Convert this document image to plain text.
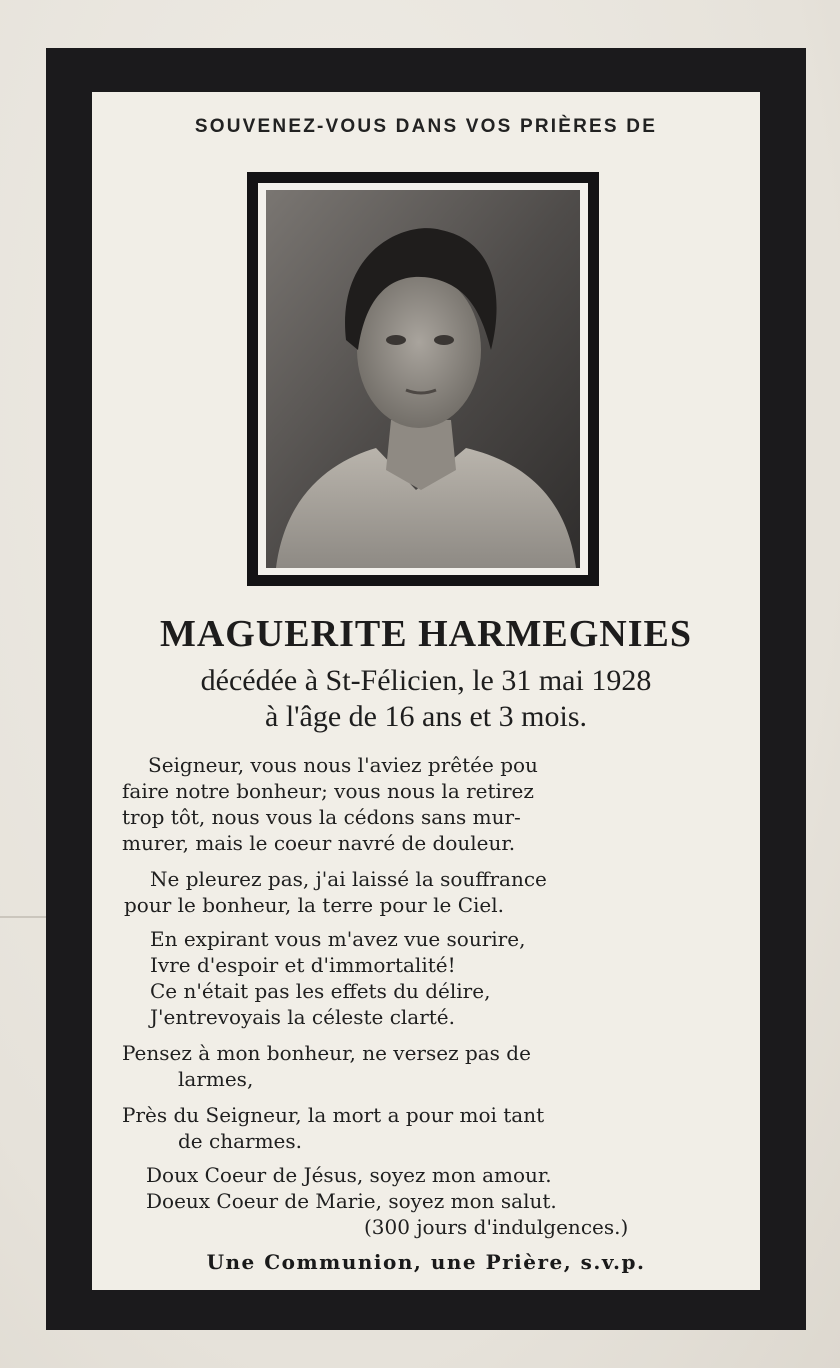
SOUVENEZ-VOUS DANS VOS PRIÈRES DE
MAGUERITE HARMEGNIES
décédée à St-Félicien, le 31 mai 1928
à l'âge de 16 ans et 3 mois.
Seigneur, vous nous l'aviez prêtée pou
faire notre bonheur; vous nous la retirez
trop tôt, nous vous la cédons sans mur-
murer, mais le coeur navré de douleur.
Ne pleurez pas, j'ai laissé la souffrance
pour le bonheur, la terre pour le Ciel.
En expirant vous m'avez vue sourire,
Ivre d'espoir et d'immortalité!
Ce n'était pas les effets du délire,
J'entrevoyais la céleste clarté.
Pensez à mon bonheur, ne versez pas de
larmes,
Près du Seigneur, la mort a pour moi tant
de charmes.
Doux Coeur de Jésus, soyez mon amour.
Doeux Coeur de Marie, soyez mon salut.
(300 jours d'indulgences.)
Une Communion, une Prière, s.v.p.
